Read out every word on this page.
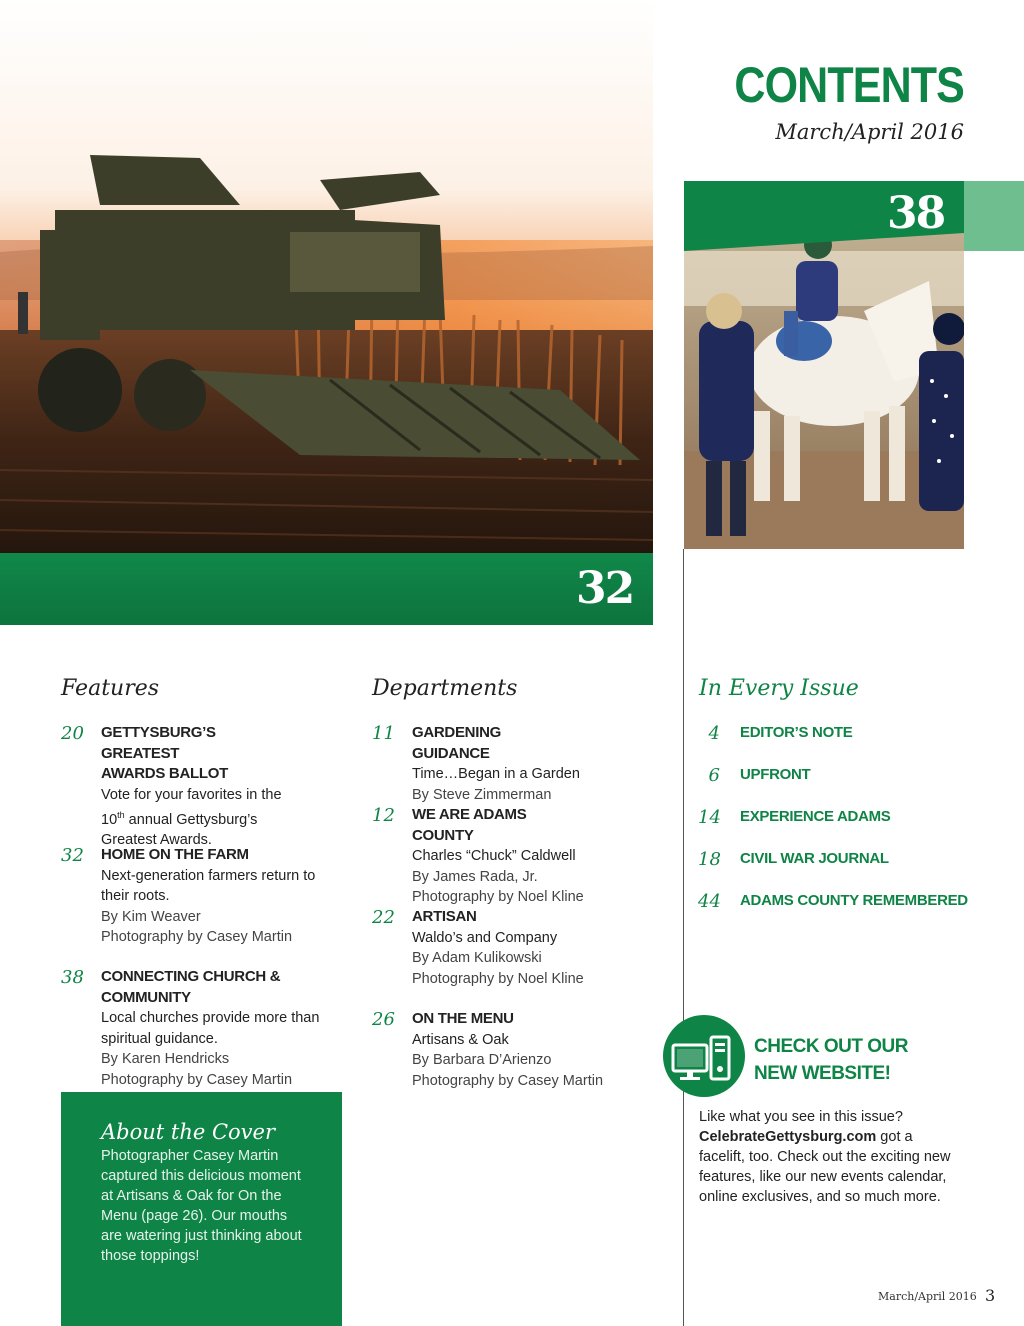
32
38
CONTENTS
March/April 2016
Features
20 GETTYSBURG’S GREATEST
AWARDS BALLOT
Vote for your favorites in the
10th annual Gettysburg’s
Greatest Awards.
32 HOME ON THE FARM
Next-generation farmers return to
their roots.
By Kim Weaver
Photography by Casey Martin
38 CONNECTING CHURCH & COMMUNITY
Local churches provide more than
spiritual guidance.
By Karen Hendricks
Photography by Casey Martin
Departments
11 GARDENING GUIDANCE
Time…Began in a Garden
By Steve Zimmerman
12 WE ARE ADAMS COUNTY
Charles “Chuck” Caldwell
By James Rada, Jr.
Photography by Noel Kline
22 ARTISAN
Waldo’s and Company
By Adam Kulikowski
Photography by Noel Kline
26 ON THE MENU
Artisans & Oak
By Barbara D’Arienzo
Photography by Casey Martin
In Every Issue
4 EDITOR’S NOTE
6 UPFRONT
14 EXPERIENCE ADAMS
18 CIVIL WAR JOURNAL
44 ADAMS COUNTY REMEMBERED
About the Cover
Photographer Casey Martin
captured this delicious moment
at Artisans & Oak for On the
Menu (page 26). Our mouths
are watering just thinking about
those toppings!
CHECK OUT OUR
NEW WEBSITE!
Like what you see in this issue?
CelebrateGettysburg.com got a
facelift, too. Check out the exciting new
features, like our new events calendar,
online exclusives, and so much more.
March/April 2016 3
